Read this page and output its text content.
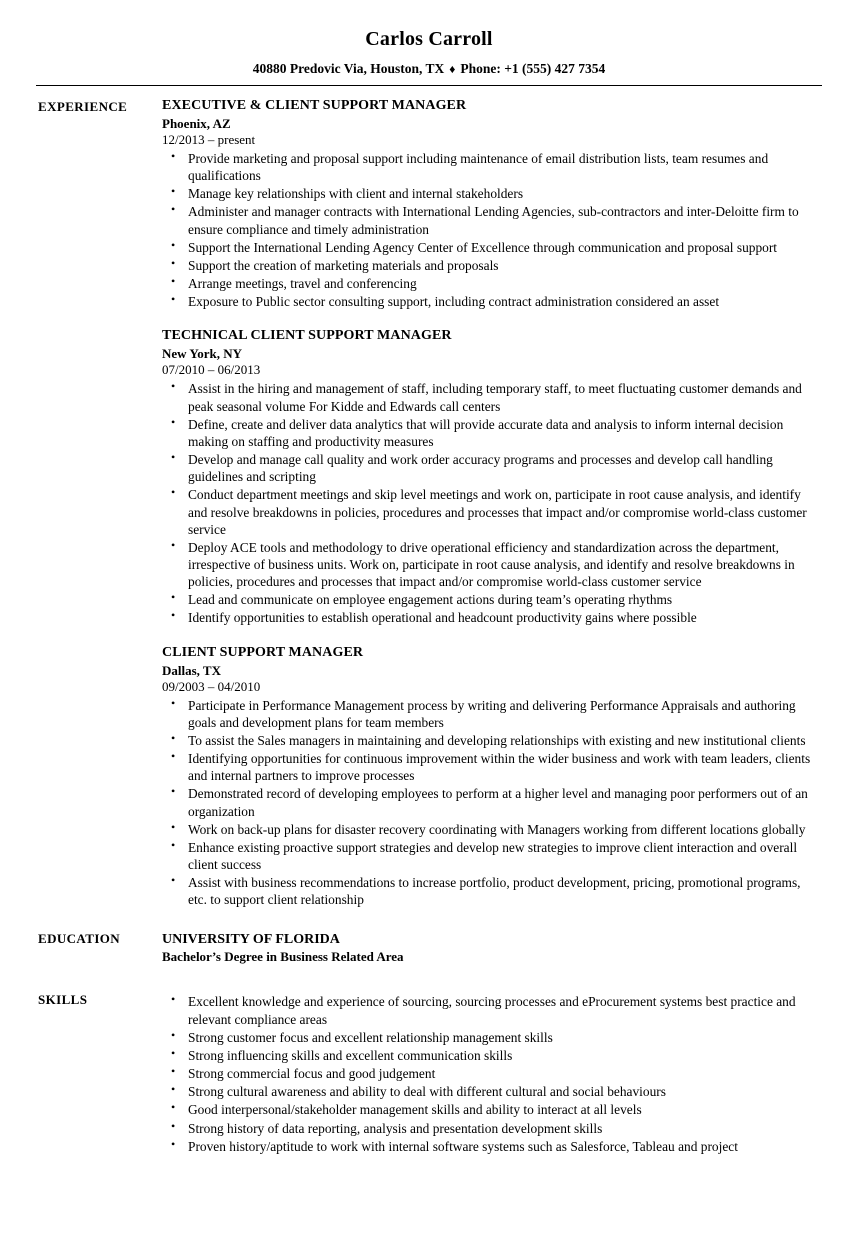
Carlos Carroll
40880 Predovic Via, Houston, TX ♦ Phone: +1 (555) 427 7354
EXPERIENCE	EXECUTIVE & CLIENT SUPPORT MANAGER
Phoenix, AZ
12/2013 – present
• Provide marketing and proposal support including maintenance of email distribution lists, team resumes and qualifications
• Manage key relationships with client and internal stakeholders
• Administer and manager contracts with International Lending Agencies, sub-contractors and inter-Deloitte firm to ensure compliance and timely administration
• Support the International Lending Agency Center of Excellence through communication and proposal support
• Support the creation of marketing materials and proposals
• Arrange meetings, travel and conferencing
• Exposure to Public sector consulting support, including contract administration considered an asset
TECHNICAL CLIENT SUPPORT MANAGER
New York, NY
07/2010 – 06/2013
• Assist in the hiring and management of staff, including temporary staff, to meet fluctuating customer demands and peak seasonal volume For Kidde and Edwards call centers
• Define, create and deliver data analytics that will provide accurate data and analysis to inform internal decision making on staffing and productivity measures
• Develop and manage call quality and work order accuracy programs and processes and develop call handling guidelines and scripting
• Conduct department meetings and skip level meetings and work on, participate in root cause analysis, and identify and resolve breakdowns in policies, procedures and processes that impact and/or compromise world-class customer service
• Deploy ACE tools and methodology to drive operational efficiency and standardization across the department, irrespective of business units. Work on, participate in root cause analysis, and identify and resolve breakdowns in policies, procedures and processes that impact and/or compromise world-class customer service
• Lead and communicate on employee engagement actions during team’s operating rhythms
• Identify opportunities to establish operational and headcount productivity gains where possible
CLIENT SUPPORT MANAGER
Dallas, TX
09/2003 – 04/2010
• Participate in Performance Management process by writing and delivering Performance Appraisals and authoring goals and development plans for team members
• To assist the Sales managers in maintaining and developing relationships with existing and new institutional clients
• Identifying opportunities for continuous improvement within the wider business and work with team leaders, clients and internal partners to improve processes
• Demonstrated record of developing employees to perform at a higher level and managing poor performers out of an organization
• Work on back-up plans for disaster recovery coordinating with Managers working from different locations globally
• Enhance existing proactive support strategies and develop new strategies to improve client interaction and overall client success
• Assist with business recommendations to increase portfolio, product development, pricing, promotional programs, etc. to support client relationship
EDUCATION	UNIVERSITY OF FLORIDA
Bachelor’s Degree in Business Related Area
SKILLS	• Excellent knowledge and experience of sourcing, sourcing processes and eProcurement systems best practice and relevant compliance areas
• Strong customer focus and excellent relationship management skills
• Strong influencing skills and excellent communication skills
• Strong commercial focus and good judgement
• Strong cultural awareness and ability to deal with different cultural and social behaviours
• Good interpersonal/stakeholder management skills and ability to interact at all levels
• Strong history of data reporting, analysis and presentation development skills
• Proven history/aptitude to work with internal software systems such as Salesforce, Tableau and project
